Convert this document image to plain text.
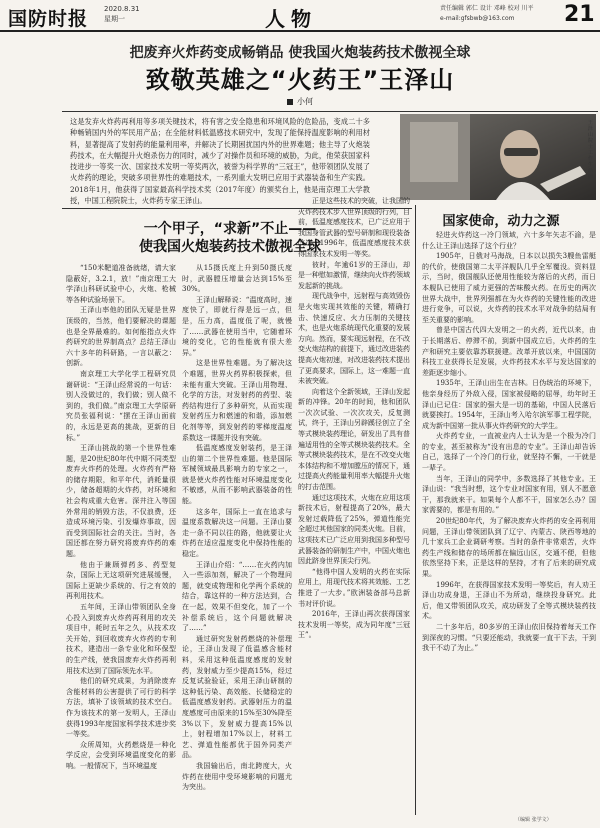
国防时报 2020.8.31
星期一	人物	责任编辑 郭仁 设计 邓峰 校对 川平
e-mail:gfsbwb@163.com	21
把废弃火炸药变成畅销品 使我国火炮装药技术傲视全球
致敬英雄之“火药王”王泽山
小何
这是发弃火炸药再利用等多项关键技术，将有害之安全隐患和环境风险的危险品，变成二十多种畅销国内外的军民用产品；在全能材料低温感技术研究中，发现了能保持温度影响的利用材料，显著提高了发射药的能量利用率，并解决了长期困扰国内外的世界难题；他主导了火炮装药技术，在大幅提升火炮杀伤力的同时，减少了对操作员和环境的威胁，为此，他荣获国家科技进步一等奖一次、国家技术发明一等奖两次，被誉为科学界的“三冠王”，他带领团队发展了火炸药的理论，突破多项世界性的难题技术，一系列重大发明已应用于武器装备和生产实践。2018年1月，他获得了国家最高科学技术奖（2017年度）的颁奖台上，他是南京理工大学教授，中国工程院院士，火炸药专家王泽山。
王泽山院士工作生活照
一个甲子，“求新”不止——
使我国火炮装药技术傲视全球

“150米靶道准备就绪，请大家隐蔽好，3.2.1，放！”南京理工大学泽山科研试验中心，火炮、枪械等各种试验场景下。

王泽山率他的团队无疑是世界顶级的，当然，他们要解决的课题也是全界最难的。如何能指点火炸药研究的世界制高点？总结王泽山六十多年的科研路，一言以蔽之：创新。

南京理工大学化学工程研究员谢研说：“王泽山经常说的一句话：别人没做过的，我们做；别人做不到的，我们做。”南京理工大学原研究员张福利说：“摆在王泽山面前的，永远是更高的挑战，更新的目标。”

王泽山挑战的第一个世界性难题，是20世纪80年代中期不同类型废弃火炸药的处理。火炸药有严格的储存期限，和平年代，消耗量很少，储备超期的火炸药，对环境和社会构成重大危害。深井注入等国外常用的销毁方法，不仅浪费，还造成环境污染、引发爆炸事故，因而受到国际社会的关注。当时，各国还都在努力研究将废弃炸药的难题。

他由于兼顾弹药多、药型复杂，国际上无这项研究进展缓慢，国际上更缺少系统的、行之有效的再利用技术。

五年间，王泽山带领团队全身心投入到废弃火炸药再利用的攻关项目中，耗时五年之久，从技术攻关开始，到回收废弃火炸药的专利技术，建造出一条专业化和环保型的生产线，使我国废弃火炸药再利用技术达到了国际领先水平。

他们的研究成果，为消除废弃含能材料的公害提供了可行的科学方法，填补了该领域的技术空白。作为该技术的第一发明人，王泽山获得1993年度国家科学技术进步奖一等奖。

众所周知，火药燃烧是一种化学反应，会受到环境温度变化的影响。一般情况下，当环境温度

从15摄氏度上升到50摄氏度时，武器膛压增量会达到15%至30%。

王泽山解释说：“温度高时，速度快了，即就行得是远一点，但是，压力高，温度低了呢，就慢了……武器在使用当中，它随着环境的变化，它的性能就有很大差异。”

这是世界性难题。为了解决这个难题，世界火药界积极探索，但未能有重大突破。王泽山用物理、化学的方法，对发射药的药型、装药结构进行了多种研究，从而实现发射药压力和燃速的和谐，添加燃化剂等等，到发射药的零梯度温度系数这一课题并没有突破。

低温度感度发射装药，是王泽山的第二个世界性难题。他是国际军械领域最具影响力的专家之一，就是使火炸药性能对环境温度变化不敏感，从而不影响武器装备的性能。

这多年，国际上一直在追求与温度系数解决这一问题。王泽山要走一条不同以往的路，他就要让火炸药在适应温度变化中保持性能的稳定。

王泽山介绍：“……在火药内加入一些添加剂，解决了一个物理问题，就变成物理和化学两个系统的结合，靠这样的一种方法达到，合在一起，效果不但变化，加了一个补偿系统后，这个问题就解决了……”

通过研究发射药燃烧的补偿理论，王泽山发现了低温感含能材料，采用这种低温度感度的发射药，发射威力至少提高15%，经过反复试验验证，采用王泽山研制的这种低污染、高效能、长储稳定的低温度感发射药。武器射压力的温度感度可由原来的15%至30%降至3%以下，发射威力提高15%以上，射程增加17%以上，材料工艺、弹道性能都优于国外同类产品。

我国输出后，南北跨度大，火炸药在使用中受环境影响的问题尤为突出。

正是这些技术的突破，让我国的火炸药技术步入世界顶级的行列，目前，低温度感度技术，已广泛应用于我国身管武器的型号研制和现役装备改造。1996年，低温度感度技术获得国家技术发明一等奖。

彼时，年逾61岁的王泽山，却是一种慰如激情，继续向火炸药领域发起新的挑战。

现代战争中，远射程与高效毁伤是火炮实现其效能的关键，精确打击、快速反应、火力压制的关键技术，也是火炮系统现代化重要的发展方向。然而，要实现远射程，在不改变火炮结构的前提下，通过改进装药提高火炮初速，对改进装药技术提出了更高要求，国际上，这一难题一直未被突破。

向着这个全新领域，王泽山发起新的冲锋。20年的时间，他和团队一次次试验、一次次攻关，反复测试，终于，王泽山另辟蹊径创立了全等式模块装药理论，研发出了具有普遍适用性的全等式模块装药技术。全等式模块装药技术，是在不改变火炮本体结构和不增加膛压的情况下，通过提高火药能量利用率大幅提升火炮的打击范围。

通过这项技术，火炮在应用这项新技术后，射程提高了20%，最大发射过载降低了25%，弹道性能完全超过其他国家的同类火炮。目前，这项技术已广泛应用到我国多种型号武器装备的研制生产中，中国火炮也因此跻身世界顶尖行列。

“他得中国人发明的火药在实际应用上，用现代技术将其效能、工艺推进了一大步。”欧洲装备部马总新书对评价说。

2016年，王泽山再次获得国家技术发明一等奖，成为同年度“三冠王”。

国家使命，动力之源

轻进火炸药这一冷门领域，六十多年矢志不渝，是什么让王泽山选择了这个行业？

1905年，日俄对马海战，日本以以损失3艘鱼雷艇的代价，使俄国第二太平洋舰队几乎全军覆没。资料显示，当时，俄国舰队还使用性能较为落后的火药，而日本舰队已使用了威力更强的苦味酸火药。在历史的两次世界大战中，世界列强都在为火炸药的关键性能的改进进行竞争，可以说，火炸药的技术水平对战争的结局有至关重要的影响。

曾是中国古代四大发明之一的火药，近代以来，由于长期落后、停滞不前，到新中国成立后，火炸药的生产和研究主要依靠苏联援建。改革开放以来，中国国防科技工业获得长足发展，火炸药技术水平与发达国家的差距逐步缩小。

1935年，王泽山出生在吉林。日伪统治的环境下，他亲身经历了外敌入侵，国家被侵略的屈辱，幼年时王泽山已记住：国家的强大是一切的基础，中国人民落后就要挨打。1954年，王泽山考入哈尔滨军事工程学院，成为新中国第一批从事火炸药研究的大学生。

火炸药专业，一直被业内人士认为是一个极为冷门的专业，甚至被称为“没有出息的专业”。王泽山却告诉自己，选择了一个冷门的行业，就坚持不懈，一干就是一辈子。

当年，王泽山的同学中，多数选择了其他专业。王泽山说：“我当时想，这个专业对国家有用，别人不愿意干，那我就来干。如果每个人都不干，国家怎么办？国家需要的，都是有用的。”

20世纪80年代，为了解决废弃火炸药的安全再利用问题，王泽山带领团队到了辽宁、内蒙古、陕西等地的几十家兵工企业调研考察。当时的条件非常艰苦，火炸药生产线和储存的场所都在偏远山区，交通不便，但他依然坚持下来，正是这样的坚持，才有了后来的研究成果。

1996年，在获得国家技术发明一等奖后，有人劝王泽山功成身退，王泽山不为所动，继续投身研究。此后，他又带领团队攻关，成功研发了全等式模块装药技术。

二十多年后，80多岁的王泽山依旧保持着每天工作到深夜的习惯。“只要还能动，我就要一直干下去，干到我干不动了为止。”

（编辑 张学文）
